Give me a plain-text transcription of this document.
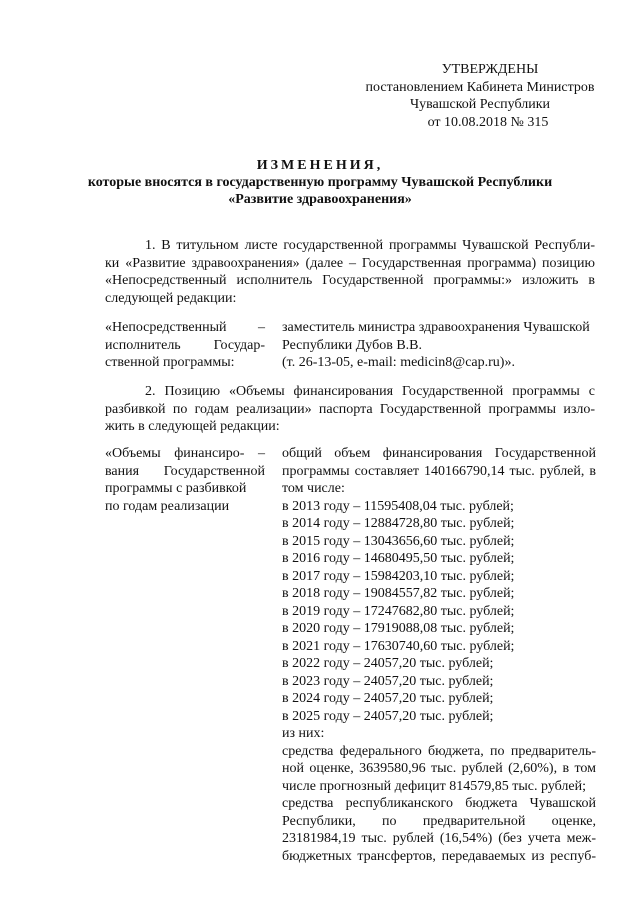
УТВЕРЖДЕНЫ
постановлением Кабинета Министров
Чувашской Республики
от 10.08.2018 № 315
ИЗМЕНЕНИЯ,
которые вносятся в государственную программу Чувашской Республики
«Развитие здравоохранения»
1. В титульном листе государственной программы Чувашской Республи-
ки «Развитие здравоохранения» (далее – Государственная программа) позицию
«Непосредственный исполнитель Государственной программы:» изложить в
следующей редакции:
«Непосредственный –
исполнитель Государ-
ственной программы:
заместитель министра здравоохранения Чувашской
Республики Дубов В.В.
(т. 26-13-05, e-mail: medicin8@cap.ru)».
2. Позицию «Объемы финансирования Государственной программы с
разбивкой по годам реализации» паспорта Государственной программы изло-
жить в следующей редакции:
«Объемы финансиро- –
вания Государственной
программы с разбивкой
по годам реализации
общий объем финансирования Государственной
программы составляет 140166790,14 тыс. рублей, в
том числе:
в 2013 году – 11595408,04 тыс. рублей;
в 2014 году – 12884728,80 тыс. рублей;
в 2015 году – 13043656,60 тыс. рублей;
в 2016 году – 14680495,50 тыс. рублей;
в 2017 году – 15984203,10 тыс. рублей;
в 2018 году – 19084557,82 тыс. рублей;
в 2019 году – 17247682,80 тыс. рублей;
в 2020 году – 17919088,08 тыс. рублей;
в 2021 году – 17630740,60 тыс. рублей;
в 2022 году – 24057,20 тыс. рублей;
в 2023 году – 24057,20 тыс. рублей;
в 2024 году – 24057,20 тыс. рублей;
в 2025 году – 24057,20 тыс. рублей;
из них:
средства федерального бюджета, по предваритель-
ной оценке, 3639580,96 тыс. рублей (2,60%), в том
числе прогнозный дефицит 814579,85 тыс. рублей;
средства республиканского бюджета Чувашской
Республики, по предварительной оценке,
23181984,19 тыс. рублей (16,54%) (без учета меж-
бюджетных трансфертов, передаваемых из респуб-
